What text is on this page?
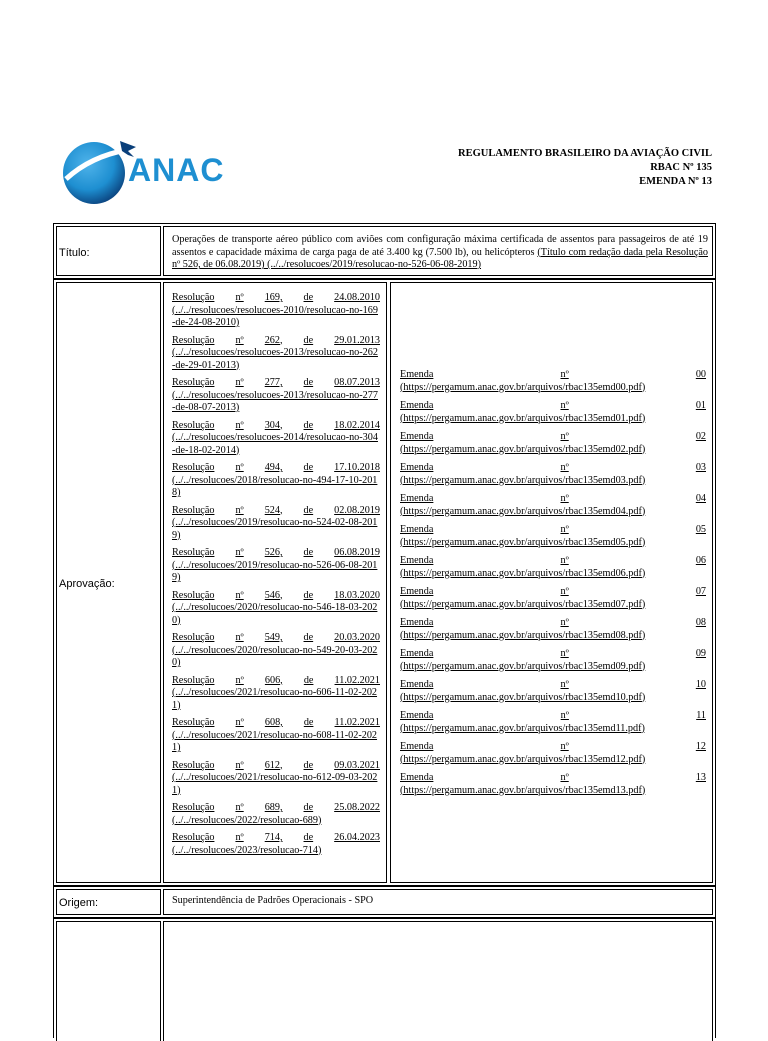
ANAC	REGULAMENTO BRASILEIRO DA AVIAÇÃO CIVIL
RBAC Nº 135
EMENDA Nº 13
Título:
Operações de transporte aéreo público com aviões com configuração máxima certificada de assentos para passageiros de até 19 assentos e capacidade máxima de carga paga de até 3.400 kg (7.500 lb), ou helicópteros (Título com redação dada pela Resolução nº 526, de 06.08.2019) (../../resolucoes/2019/resolucao-no-526-06-08-2019)
Aprovação:
Resolução nº 169, de 24.08.2010
(../../resolucoes/resolucoes-2010/resolucao-no-169-de-24-08-2010)
Resolução nº 262, de 29.01.2013
(../../resolucoes/resolucoes-2013/resolucao-no-262-de-29-01-2013)
Resolução nº 277, de 08.07.2013
(../../resolucoes/resolucoes-2013/resolucao-no-277-de-08-07-2013)
Resolução nº 304, de 18.02.2014
(../../resolucoes/resolucoes-2014/resolucao-no-304-de-18-02-2014)
Resolução nº 494, de 17.10.2018
(../../resolucoes/2018/resolucao-no-494-17-10-2018)
Resolução nº 524, de 02.08.2019
(../../resolucoes/2019/resolucao-no-524-02-08-2019)
Resolução nº 526, de 06.08.2019
(../../resolucoes/2019/resolucao-no-526-06-08-2019)
Resolução nº 546, de 18.03.2020
(../../resolucoes/2020/resolucao-no-546-18-03-2020)
Resolução nº 549, de 20.03.2020
(../../resolucoes/2020/resolucao-no-549-20-03-2020)
Resolução nº 606, de 11.02.2021
(../../resolucoes/2021/resolucao-no-606-11-02-2021)
Resolução nº 608, de 11.02.2021
(../../resolucoes/2021/resolucao-no-608-11-02-2021)
Resolução nº 612, de 09.03.2021
(../../resolucoes/2021/resolucao-no-612-09-03-2021)
Resolução nº 689, de 25.08.2022
(../../resolucoes/2022/resolucao-689)
Resolução nº 714, de 26.04.2023
(../../resolucoes/2023/resolucao-714)
Emenda	nº	00
(https://pergamum.anac.gov.br/arquivos/rbac135emd00.pdf)
Emenda	nº	01
(https://pergamum.anac.gov.br/arquivos/rbac135emd01.pdf)
Emenda	nº	02
(https://pergamum.anac.gov.br/arquivos/rbac135emd02.pdf)
Emenda	nº	03
(https://pergamum.anac.gov.br/arquivos/rbac135emd03.pdf)
Emenda	nº	04
(https://pergamum.anac.gov.br/arquivos/rbac135emd04.pdf)
Emenda	nº	05
(https://pergamum.anac.gov.br/arquivos/rbac135emd05.pdf)
Emenda	nº	06
(https://pergamum.anac.gov.br/arquivos/rbac135emd06.pdf)
Emenda	nº	07
(https://pergamum.anac.gov.br/arquivos/rbac135emd07.pdf)
Emenda	nº	08
(https://pergamum.anac.gov.br/arquivos/rbac135emd08.pdf)
Emenda	nº	09
(https://pergamum.anac.gov.br/arquivos/rbac135emd09.pdf)
Emenda	nº	10
(https://pergamum.anac.gov.br/arquivos/rbac135emd10.pdf)
Emenda	nº	11
(https://pergamum.anac.gov.br/arquivos/rbac135emd11.pdf)
Emenda	nº	12
(https://pergamum.anac.gov.br/arquivos/rbac135emd12.pdf)
Emenda	nº	13
(https://pergamum.anac.gov.br/arquivos/rbac135emd13.pdf)
Origem:	Superintendência de Padrões Operacionais - SPO
